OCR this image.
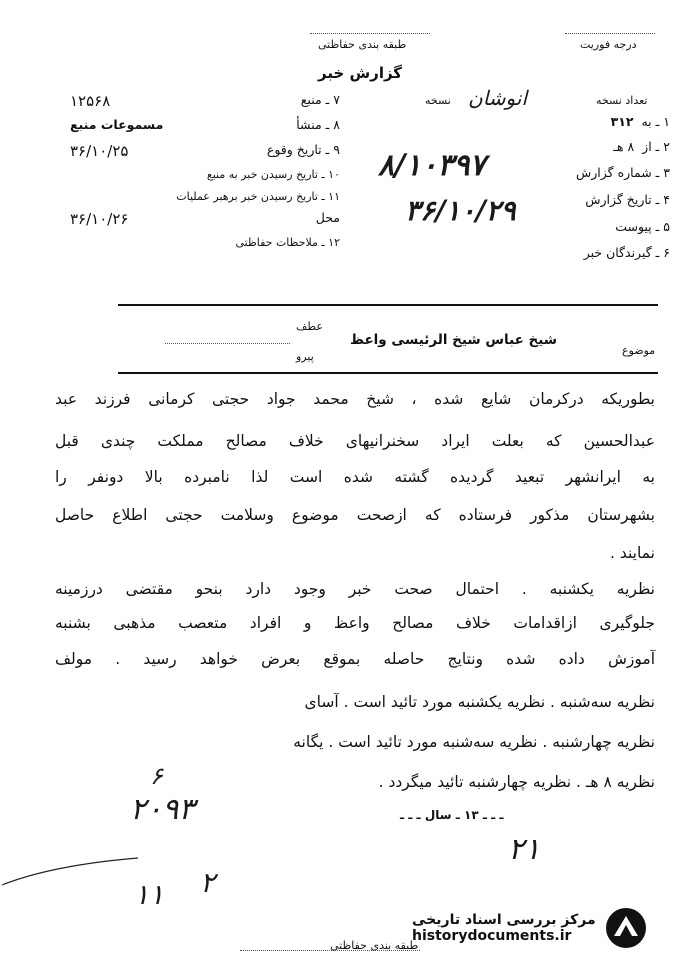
طبقه بندی حفاظتی	درجه فوریت
گزارش خبر
انوشان
نسخه	تعداد نسخه
۱ ـ به  ۳۱۲
۲ ـ از  ۸ هـ
۳ ـ شماره گزارش
۴ ـ تاریخ گزارش
۵ ـ پیوست
۶ ـ گیرندگان خبر
۸/۱۰۳۹۷
۳۶/۱۰/۲۹
۷ ـ منبع
۱۲۵۶۸
۸ ـ منشأ
مسموعات منبع
۹ ـ تاریخ وقوع
۳۶/۱۰/۲۵
۱۰ ـ تاریخ رسیدن خبر به منبع
۱۱ ـ تاریخ رسیدن خبر برهبر عملیات
محل
۳۶/۱۰/۲۶
۱۲ ـ ملاحظات حفاظتی
عطف
پیرو
شیخ عباس شیخ الرئیسی واعظ
موضوع
بطوریکه درکرمان شایع شده ، شیخ محمد جواد حجتی کرمانی فرزند عبد
عبدالحسین که بعلت ایراد سخنرانیهای خلاف مصالح مملکت چندی قبل
به ایرانشهر تبعید گردیده گشته شده است لذا نامبرده بالا دونفر را
بشهرستان مذکور فرستاده که ازصحت موضوع وسلامت حجتی اطلاع حاصل
نمایند .
نظریه یکشنبه . احتمال صحت خبر وجود دارد بنحو مقتضی درزمینه
جلوگیری ازاقدامات خلاف مصالح واعظ و افراد متعصب مذهبی بشنبه
آموزش داده شده ونتایج حاصله بموقع بعرض خواهد رسید . مولف
نظریه سه‌شنبه . نظریه یکشنبه مورد تائید است . آسای
نظریه چهارشنبه . نظریه سه‌شنبه مورد تائید است . یگانه
نظریه ۸ هـ . نظریه چهارشنبه تائید میگردد .
ـ ـ ـ ۱۳ ـ سال ـ ـ ـ
۲۱
۶
۲۰۹۳
۲
۱۱
طبقه بندی حفاظتی
مرکز بررسی اسناد تاریخی
historydocuments.ir
